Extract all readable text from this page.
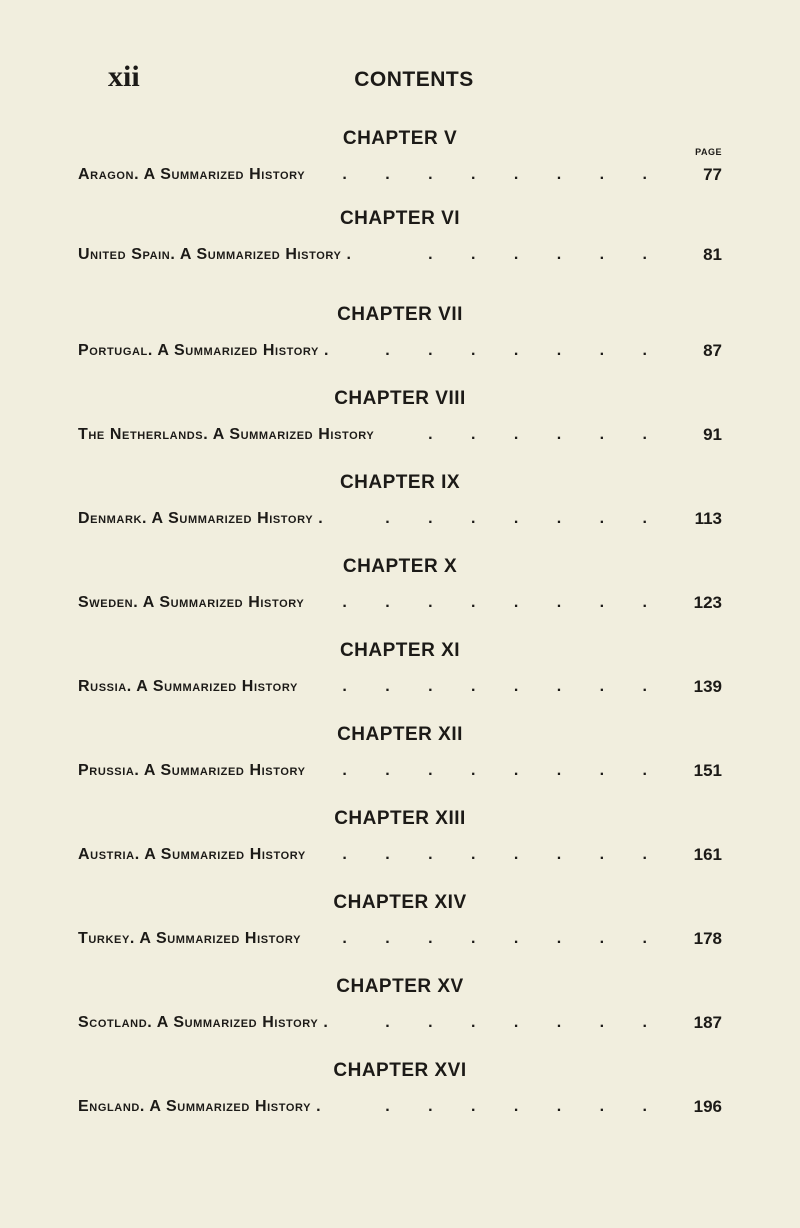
xii	CONTENTS
CHAPTER V
PAGE
Aragon. A Summarized History . . . . . . . .	77
CHAPTER VI
United Spain. A Summarized History .	. . . . . .	81
CHAPTER VII
Portugal. A Summarized History .	. . . . . . .	87
CHAPTER VIII
The Netherlands. A Summarized History	. . . . . .	91
CHAPTER IX
Denmark. A Summarized History .	. . . . . . .	113
CHAPTER X
Sweden. A Summarized History . . . . . . . .	123
CHAPTER XI
Russia. A Summarized History	. . . . . . . .	139
CHAPTER XII
Prussia. A Summarized History . . . . . . . .	151
CHAPTER XIII
Austria. A Summarized History . . . . . . . .	161
CHAPTER XIV
Turkey. A Summarized History	. . . . . . . .	178
CHAPTER XV
Scotland. A Summarized History .	. . . . . . .	187
CHAPTER XVI
England. A Summarized History .	. . . . . . .	196
